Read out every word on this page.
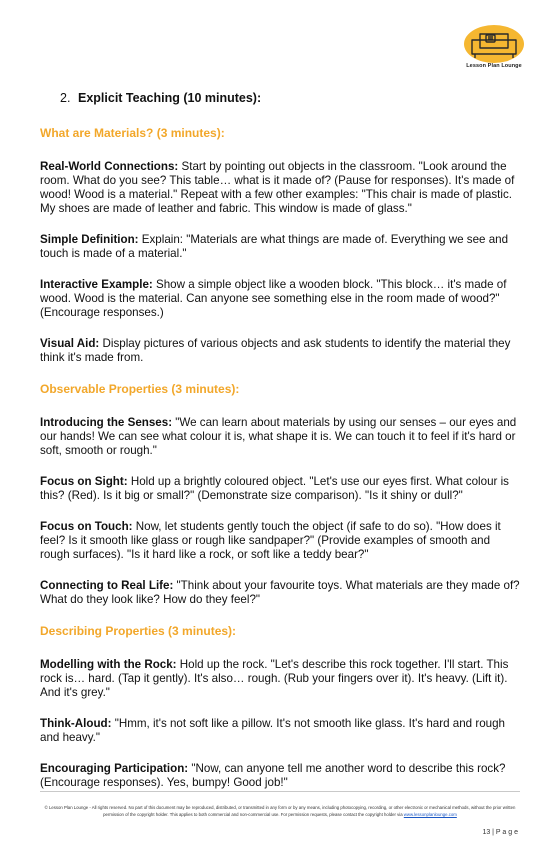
Lesson Plan Lounge
2. Explicit Teaching (10 minutes):
What are Materials? (3 minutes):

Real-World Connections: Start by pointing out objects in the classroom. "Look around the room. What do you see? This table… what is it made of? (Pause for responses). It's made of wood! Wood is a material." Repeat with a few other examples: "This chair is made of plastic. My shoes are made of leather and fabric. This window is made of glass."

Simple Definition: Explain: "Materials are what things are made of. Everything we see and touch is made of a material."

Interactive Example: Show a simple object like a wooden block. "This block… it's made of wood. Wood is the material. Can anyone see something else in the room made of wood?" (Encourage responses.)

Visual Aid: Display pictures of various objects and ask students to identify the material they think it's made from.

Observable Properties (3 minutes):

Introducing the Senses: "We can learn about materials by using our senses – our eyes and our hands! We can see what colour it is, what shape it is. We can touch it to feel if it's hard or soft, smooth or rough."

Focus on Sight: Hold up a brightly coloured object. "Let's use our eyes first. What colour is this? (Red). Is it big or small?" (Demonstrate size comparison). "Is it shiny or dull?"

Focus on Touch: Now, let students gently touch the object (if safe to do so). "How does it feel? Is it smooth like glass or rough like sandpaper?" (Provide examples of smooth and rough surfaces). "Is it hard like a rock, or soft like a teddy bear?"

Connecting to Real Life: "Think about your favourite toys. What materials are they made of? What do they look like? How do they feel?"

Describing Properties (3 minutes):

Modelling with the Rock: Hold up the rock. "Let's describe this rock together. I'll start. This rock is… hard. (Tap it gently). It's also… rough. (Rub your fingers over it). It's heavy. (Lift it). And it's grey."

Think-Aloud: "Hmm, it's not soft like a pillow. It's not smooth like glass. It's hard and rough and heavy."

Encouraging Participation: "Now, can anyone tell me another word to describe this rock? (Encourage responses). Yes, bumpy! Good job!"

© Lesson Plan Lounge - All rights reserved. No part of this document may be reproduced, distributed, or transmitted in any form or by any means, including photocopying, recording, or other electronic or mechanical methods, without the prior written permission of the copyright holder. This applies to both commercial and non-commercial use. For permission requests, please contact the copyright holder via www.lessonplanlounge.com
13 | P a g e
